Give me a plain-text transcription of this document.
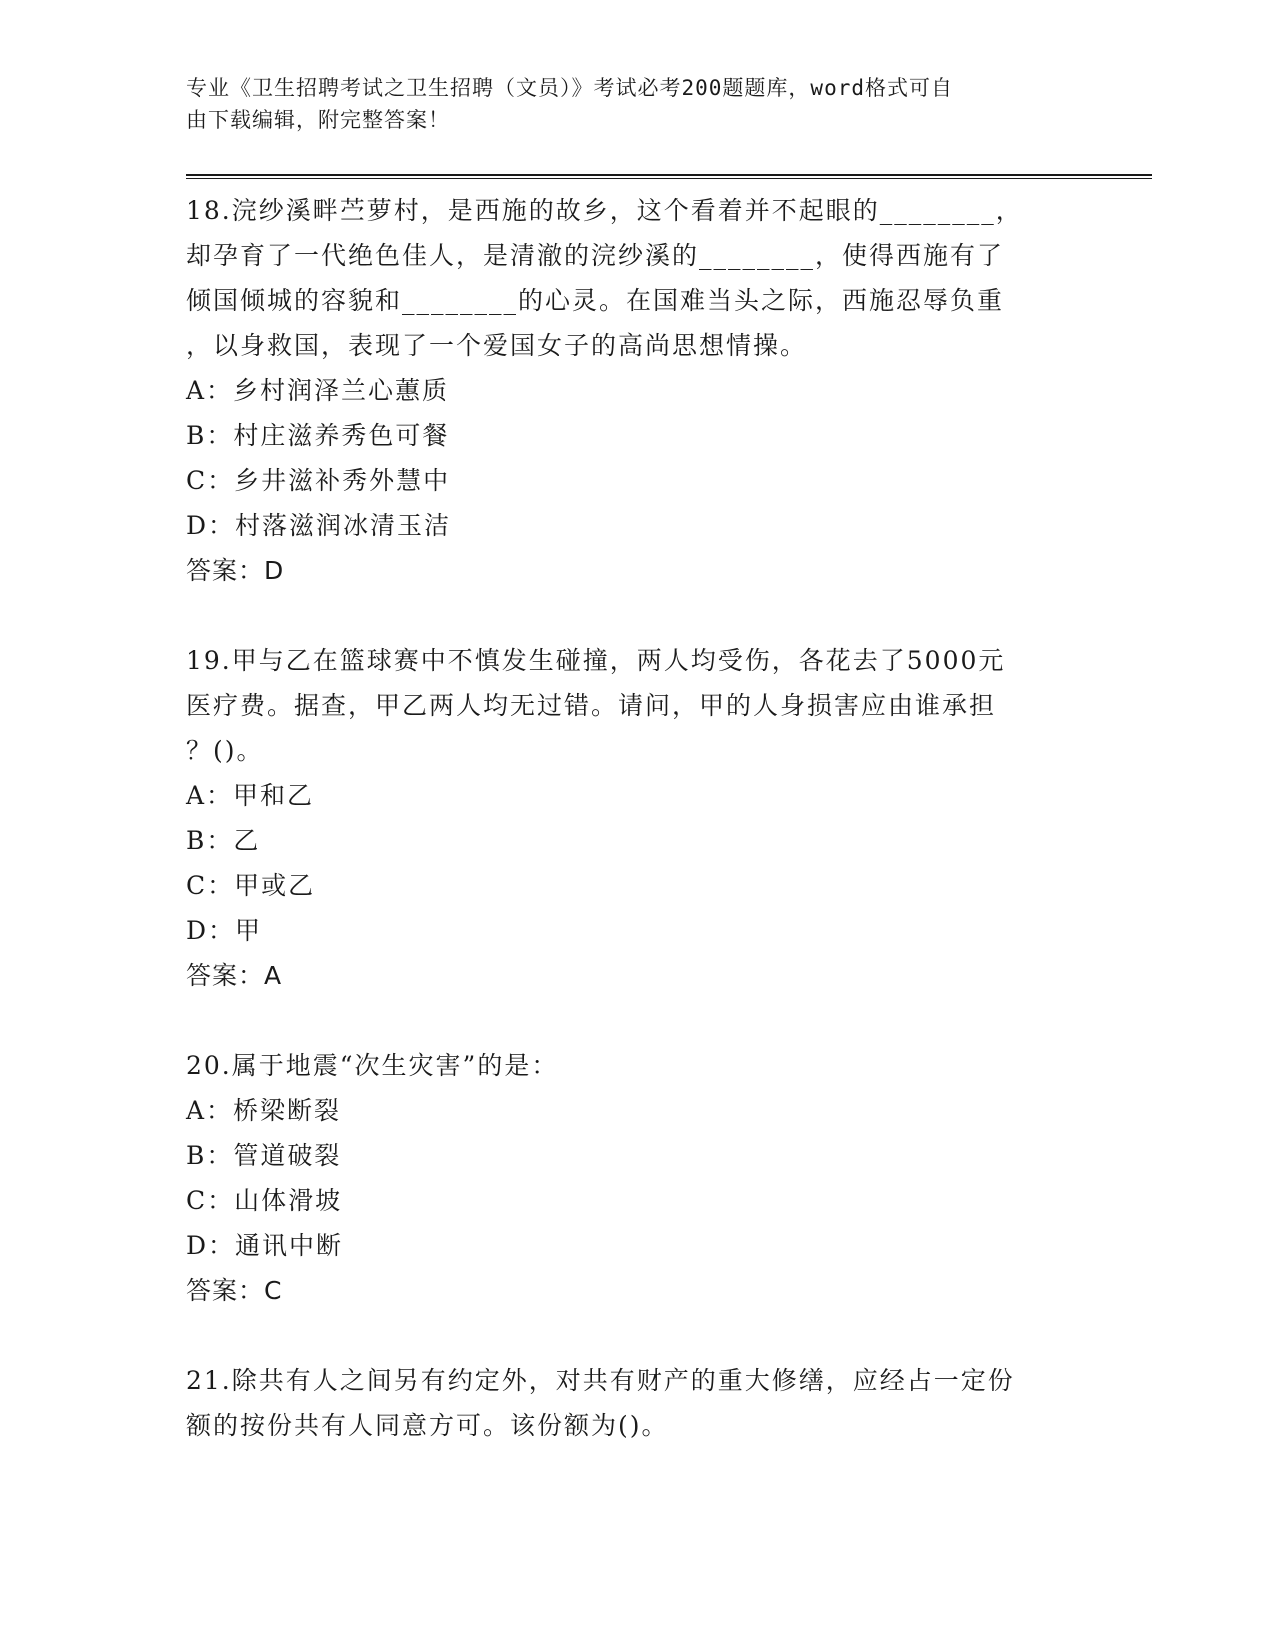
专业《卫生招聘考试之卫生招聘（文员）》考试必考200题题库，word格式可自
由下载编辑，附完整答案！

18.浣纱溪畔苎萝村，是西施的故乡，这个看着并不起眼的________，

却孕育了一代绝色佳人，是清澈的浣纱溪的________，使得西施有了

倾国倾城的容貌和________的心灵。在国难当头之际，西施忍辱负重

，以身救国，表现了一个爱国女子的高尚思想情操。

A：乡村润泽兰心蕙质

B：村庄滋养秀色可餐

C：乡井滋补秀外慧中

D：村落滋润冰清玉洁

答案：D

19.甲与乙在篮球赛中不慎发生碰撞，两人均受伤，各花去了5000元

医疗费。据查，甲乙两人均无过错。请问，甲的人身损害应由谁承担

？()。

A：甲和乙

B：乙

C：甲或乙

D：甲

答案：A

20.属于地震“次生灾害”的是：

A：桥梁断裂

B：管道破裂

C：山体滑坡

D：通讯中断

答案：C

21.除共有人之间另有约定外，对共有财产的重大修缮，应经占一定份

额的按份共有人同意方可。该份额为()。
